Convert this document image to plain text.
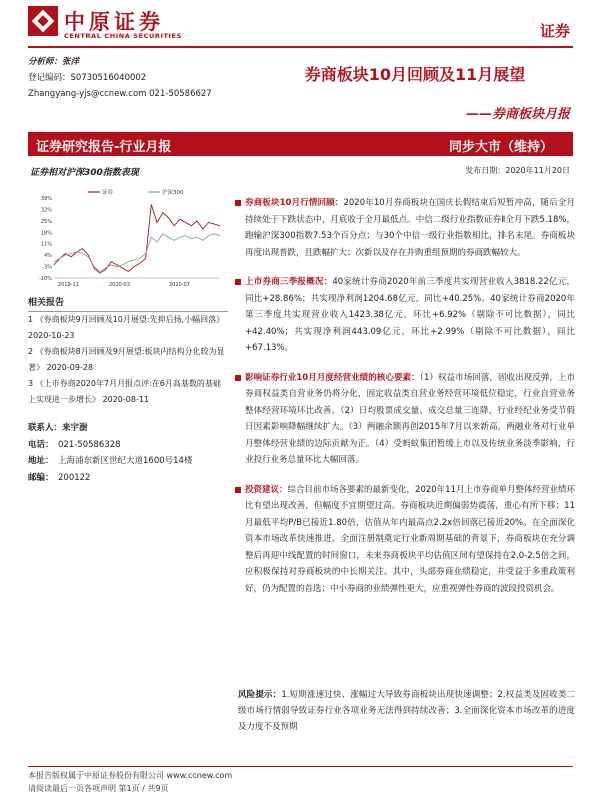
中原证券
CENTRAL CHINA SECURITIES	证券
分析师：张洋
登记编码：S0730516040002
Zhangyang-yjs@ccnew.com 021-50586627
券商板块10月回顾及11月展望
——券商板块月报
证券研究报告-行业月报	同步大市（维持）
证券相对沪深300指数表现	发布日期：2020年11月20日
39%
32%
25%
18%
11%
4%
-3%
-10%
2019-11	2020-03	2020-07
证券	沪深300
相关报告
1 《券商板块9月回顾及10月展望:先抑后扬,小幅回落》 2020-10-23
2 《券商板块8月回顾及9月展望:板块内结构分化较为显著》 2020-09-28
3 《上市券商2020年7月月报点评:在6月高基数的基础上实现进一步增长》 2020-08-11
联系人：来宇澍
电话： 021-50586328
地址： 上海浦东新区世纪大道1600号14楼
邮编： 200122
券商板块10月行情回顾：2020年10月券商板块在国庆长假结束后短暂冲高，随后全月持续处于下跌状态中，月底收于全月最低点。中信二级行业指数证券Ⅱ全月下跌5.18%，跑输沪深300指数7.53个百分点；与30个中信一级行业指数相比，排名末尾。券商板块再度出现普跌，且跌幅扩大；次新以及存在并购重组预期的券商跌幅较大。
上市券商三季报概况：40家统计券商2020年前三季度共实现营业收入3818.22亿元，同比+28.86%；共实现净利润1204.68亿元，同比+40.25%。40家统计券商2020年第三季度共实现营业收入1423.38亿元，环比+6.92%（剔除不可比数据），同比+42.40%；共实现净利润443.09亿元，环比+2.99%（剔除不可比数据），同比+67.13%。
影响证券行业10月月度经营业绩的核心要素：（1）权益市场回落，固收出现反弹，上市券商权益类自营业务仍将分化，固定收益类自营业务经营环境低位稳定，行业自营业务整体经营环境环比改善。（2）日均股票成交量、成交总量三连降，行业经纪业务受节假日因素影响降幅继续扩大。（3）两融余额再创2015年7月以来新高，两融业务对行业单月整体经营业绩的边际贡献为正。（4）受蚂蚁集团暂缓上市以及传统业务淡季影响，行业投行业务总量环比大幅回落。
投资建议：综合目前市场各要素的最新变化，2020年11月上市券商单月整体经营业绩环比有望出现改善，但幅度不宜期望过高。券商板块近期偏弱势震荡，重心有所下移；11月最低平均P/B已接近1.80倍，估值从年内最高点2.2x倍回落已接近20%。在全面深化资本市场改革快速推进、全面注册制奠定行业新周期基础的背景下，券商板块在充分调整后再迎中线配置的时间窗口，未来券商板块平均估值区间有望保持在2.0-2.5倍之间，应积极保持对券商板块的中长期关注。其中，头部券商业绩稳定，并受益于多重政策利好，仍为配置的首选；中小券商的业绩弹性更大，应重视弹性券商的波段投资机会。
风险提示：1.短期涨速过快、涨幅过大导致券商板块出现快速调整；2.权益类及固收类二级市场行情弱导致证券行业各项业务无法得到持续改善；3.全面深化资本市场改革的进度及力度不及预期
本报告版权属于中原证券股份有限公司 www.ccnew.com
请阅读最后一页各项声明 第1页 / 共9页
